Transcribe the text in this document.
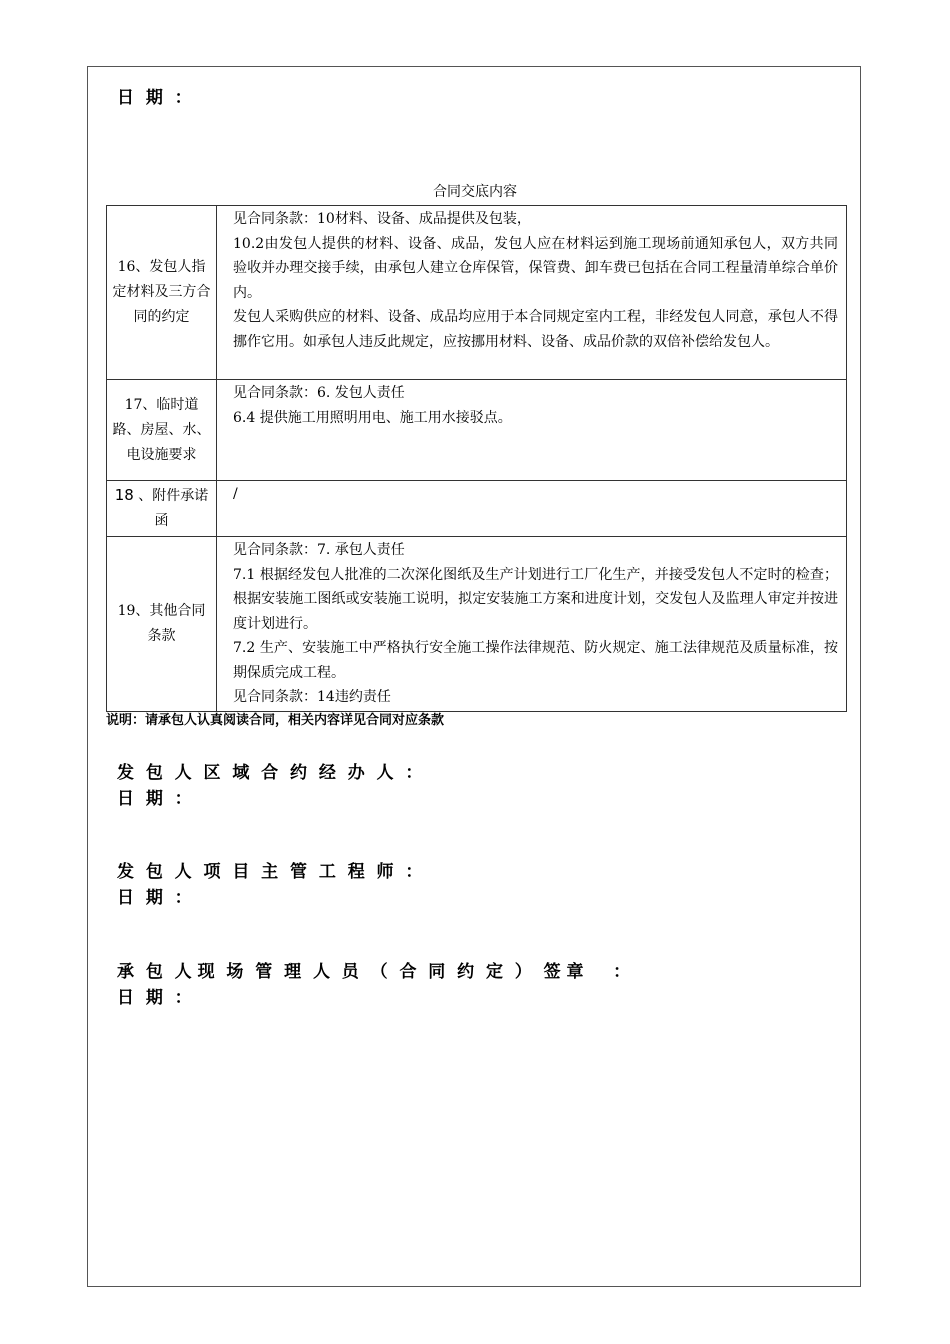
日  期  ：
合同交底内容
16、发包人指定材料及三方合同的约定	见合同条款：10材料、设备、成品提供及包装，

10.2由发包人提供的材料、设备、成品，发包人应在材料运到施工现场前通知承包人，双方共同验收并办理交接手续，由承包人建立仓库保管，保管费、卸车费已包括在合同工程量清单综合单价内。

发包人采购供应的材料、设备、成品均应用于本合同规定室内工程，非经发包人同意，承包人不得挪作它用。如承包人违反此规定，应按挪用材料、设备、成品价款的双倍补偿给发包人。

17、临时道路、房屋、水、电设施要求	见合同条款：6. 发包人责任

6.4 提供施工用照明用电、施工用水接驳点。

18 、附件承诺函	/

19、其他合同条款	见合同条款：7. 承包人责任

7.1 根据经发包人批准的二次深化图纸及生产计划进行工厂化生产，并接受发包人不定时的检查；根据安装施工图纸或安装施工说明，拟定安装施工方案和进度计划，交发包人及监理人审定并按进度计划进行。

7.2 生产、安装施工中严格执行安全施工操作法律规范、防火规定、施工法律规范及质量标准，按期保质完成工程。

见合同条款：14违约责任

说明：请承包人认真阅读合同，相关内容详见合同对应条款
发  包  人  区  域  合  约  经  办  人  ：
日  期  ：
发  包  人  项  目  主  管  工  程  师  ：
日  期  ：
承  包  人 现  场  管  理  人  员  （  合  同  约  定  ）  签 章     ：
日  期  ：
